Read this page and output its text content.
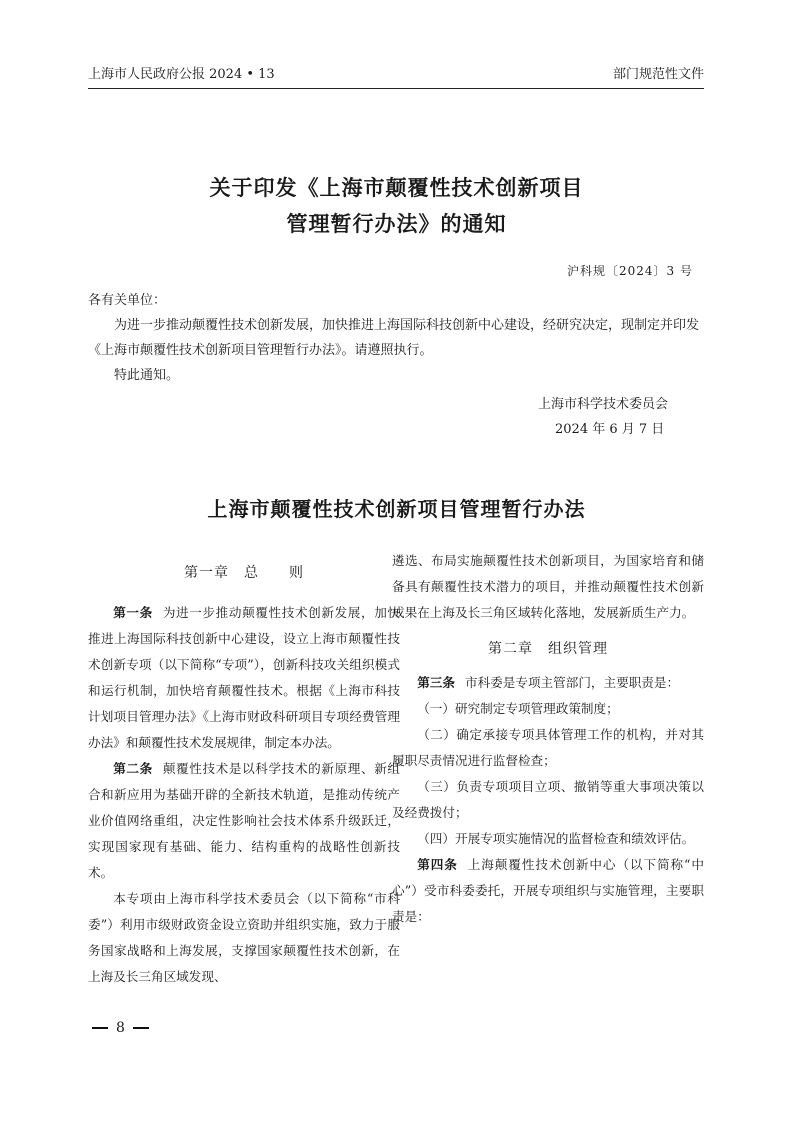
上海市人民政府公报 2024 • 13	部门规范性文件
关于印发《上海市颠覆性技术创新项目
管理暂行办法》的通知
沪科规〔2024〕3 号

各有关单位：

为进一步推动颠覆性技术创新发展，加快推进上海国际科技创新中心建设，经研究决定，现制定并印发《上海市颠覆性技术创新项目管理暂行办法》。请遵照执行。

特此通知。

上海市科学技术委员会
2024 年 6 月 7 日
上海市颠覆性技术创新项目管理暂行办法

第一章　总　　则

第一条 为进一步推动颠覆性技术创新发展，加快推进上海国际科技创新中心建设，设立上海市颠覆性技术创新专项（以下简称“专项”），创新科技攻关组织模式和运行机制，加快培育颠覆性技术。根据《上海市科技计划项目管理办法》《上海市财政科研项目专项经费管理办法》和颠覆性技术发展规律，制定本办法。

第二条 颠覆性技术是以科学技术的新原理、新组合和新应用为基础开辟的全新技术轨道，是推动传统产业价值网络重组，决定性影响社会技术体系升级跃迁，实现国家现有基础、能力、结构重构的战略性创新技术。

本专项由上海市科学技术委员会（以下简称“市科委”）利用市级财政资金设立资助并组织实施，致力于服务国家战略和上海发展，支撑国家颠覆性技术创新，在上海及长三角区域发现、

遴选、布局实施颠覆性技术创新项目，为国家培育和储备具有颠覆性技术潜力的项目，并推动颠覆性技术创新成果在上海及长三角区域转化落地，发展新质生产力。

第二章　组织管理

第三条 市科委是专项主管部门，主要职责是：

（一）研究制定专项管理政策制度；

（二）确定承接专项具体管理工作的机构，并对其履职尽责情况进行监督检查；

（三）负责专项项目立项、撤销等重大事项决策以及经费拨付；

（四）开展专项实施情况的监督检查和绩效评估。

第四条 上海颠覆性技术创新中心（以下简称“中心”）受市科委委托，开展专项组织与实施管理，主要职责是：

8
